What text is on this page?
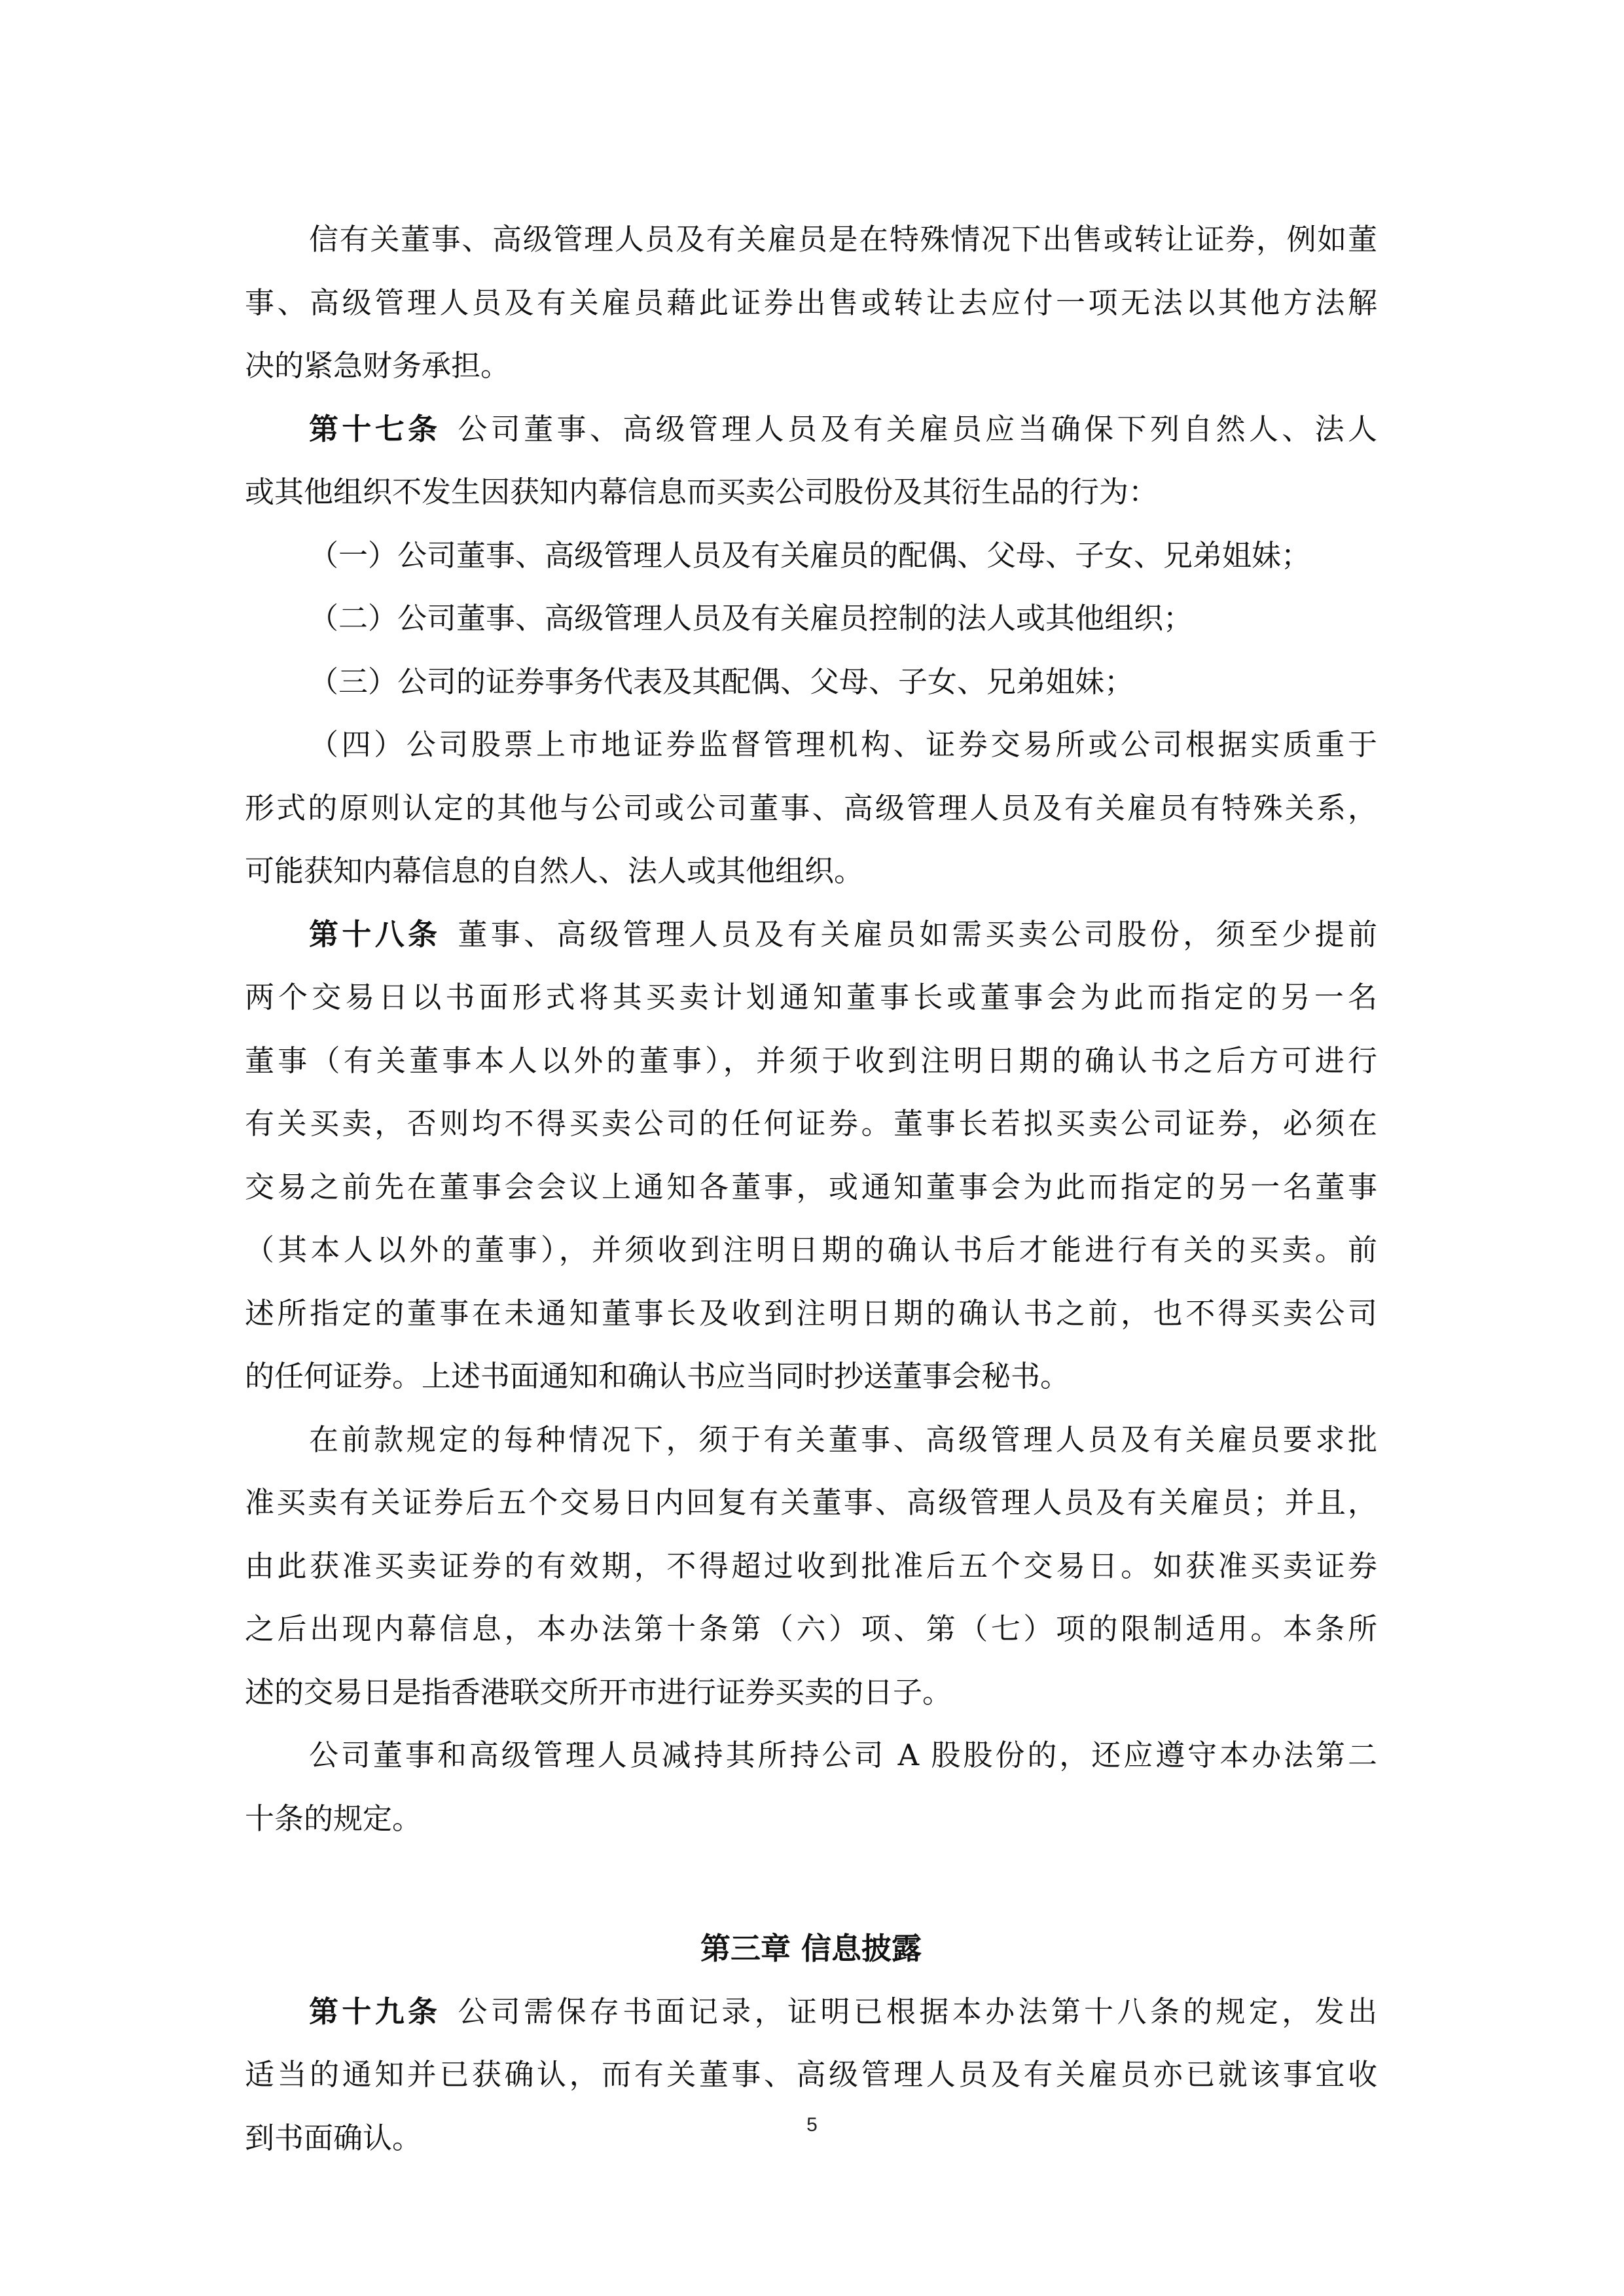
信有关董事、高级管理人员及有关雇员是在特殊情况下出售或转让证券，例如董
事、高级管理人员及有关雇员藉此证券出售或转让去应付一项无法以其他方法解
决的紧急财务承担。
第十七条 公司董事、高级管理人员及有关雇员应当确保下列自然人、法人
或其他组织不发生因获知内幕信息而买卖公司股份及其衍生品的行为：
（一）公司董事、高级管理人员及有关雇员的配偶、父母、子女、兄弟姐妹；
（二）公司董事、高级管理人员及有关雇员控制的法人或其他组织；
（三）公司的证券事务代表及其配偶、父母、子女、兄弟姐妹；
（四）公司股票上市地证券监督管理机构、证券交易所或公司根据实质重于
形式的原则认定的其他与公司或公司董事、高级管理人员及有关雇员有特殊关系，
可能获知内幕信息的自然人、法人或其他组织。
第十八条 董事、高级管理人员及有关雇员如需买卖公司股份，须至少提前
两个交易日以书面形式将其买卖计划通知董事长或董事会为此而指定的另一名
董事（有关董事本人以外的董事），并须于收到注明日期的确认书之后方可进行
有关买卖，否则均不得买卖公司的任何证券。董事长若拟买卖公司证券，必须在
交易之前先在董事会会议上通知各董事，或通知董事会为此而指定的另一名董事
（其本人以外的董事），并须收到注明日期的确认书后才能进行有关的买卖。前
述所指定的董事在未通知董事长及收到注明日期的确认书之前，也不得买卖公司
的任何证券。上述书面通知和确认书应当同时抄送董事会秘书。
在前款规定的每种情况下，须于有关董事、高级管理人员及有关雇员要求批
准买卖有关证券后五个交易日内回复有关董事、高级管理人员及有关雇员；并且，
由此获准买卖证券的有效期，不得超过收到批准后五个交易日。如获准买卖证券
之后出现内幕信息，本办法第十条第（六）项、第（七）项的限制适用。本条所
述的交易日是指香港联交所开市进行证券买卖的日子。
公司董事和高级管理人员减持其所持公司 A 股股份的，还应遵守本办法第二
十条的规定。
第三章 信息披露
第十九条 公司需保存书面记录，证明已根据本办法第十八条的规定，发出
适当的通知并已获确认，而有关董事、高级管理人员及有关雇员亦已就该事宜收
到书面确认。	5
